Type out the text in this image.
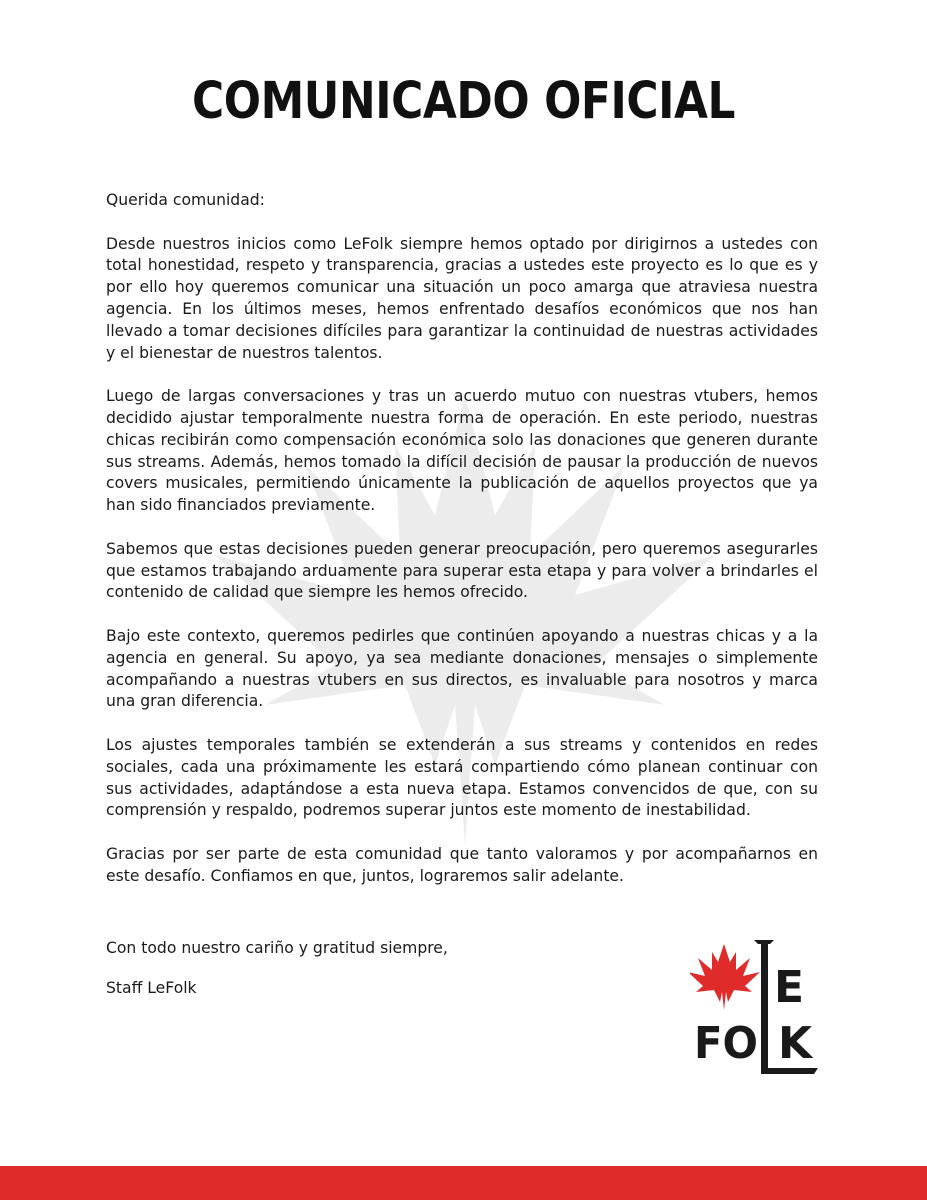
COMUNICADO OFICIAL

Querida comunidad:

Desde nuestros inicios como LeFolk siempre hemos optado por dirigirnos a ustedes con total honestidad, respeto y transparencia, gracias a ustedes este proyecto es lo que es y por ello hoy queremos comunicar una situación un poco amarga que atraviesa nuestra agencia. En los últimos meses, hemos enfrentado desafíos económicos que nos han llevado a tomar decisiones difíciles para garantizar la continuidad de nuestras actividades y el bienestar de nuestros talentos.

Luego de largas conversaciones y tras un acuerdo mutuo con nuestras vtubers, hemos decidido ajustar temporalmente nuestra forma de operación. En este periodo, nuestras chicas recibirán como compensación económica solo las donaciones que generen durante sus streams. Además, hemos tomado la difícil decisión de pausar la producción de nuevos covers musicales, permitiendo únicamente la publicación de aquellos proyectos que ya han sido financiados previamente.

Sabemos que estas decisiones pueden generar preocupación, pero queremos asegurarles que estamos trabajando arduamente para superar esta etapa y para volver a brindarles el contenido de calidad que siempre les hemos ofrecido.

Bajo este contexto, queremos pedirles que continúen apoyando a nuestras chicas y a la agencia en general. Su apoyo, ya sea mediante donaciones, mensajes o simplemente acompañando a nuestras vtubers en sus directos, es invaluable para nosotros y marca una gran diferencia.

Los ajustes temporales también se extenderán a sus streams y contenidos en redes sociales, cada una próximamente les estará compartiendo cómo planean continuar con sus actividades, adaptándose a esta nueva etapa. Estamos convencidos de que, con su comprensión y respaldo, podremos superar juntos este momento de inestabilidad.

Gracias por ser parte de esta comunidad que tanto valoramos y por acompañarnos en este desafío. Confiamos en que, juntos, lograremos salir adelante.

Con todo nuestro cariño y gratitud siempre,

Staff LeFolk	E
FO K
